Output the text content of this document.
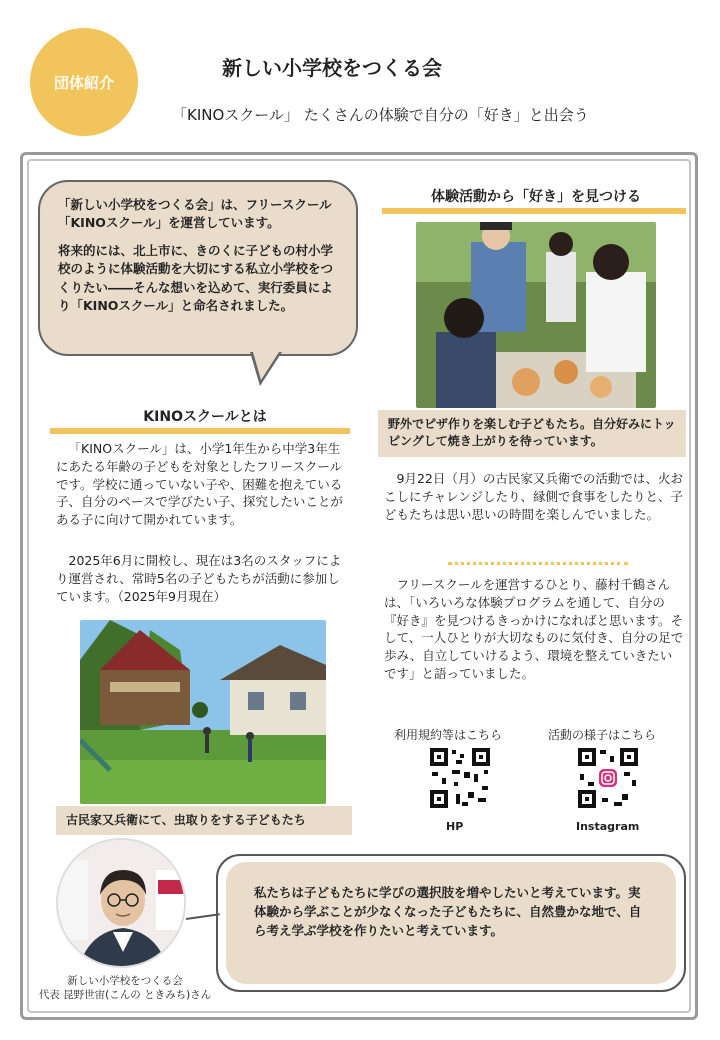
団体紹介
新しい小学校をつくる会
「KINOスクール」 たくさんの体験で自分の「好き」と出会う

「新しい小学校をつくる会」は、フリースクール「KINOスクール」を運営しています。

将来的には、北上市に、きのくに子どもの村小学校のように体験活動を大切にする私立小学校をつくりたい――そんな想いを込めて、実行委員により「KINOスクール」と命名されました。

KINOスクールとは
「KINOスクール」は、小学1年生から中学3年生にあたる年齢の子どもを対象としたフリースクールです。学校に通っていない子や、困難を抱えている子、自分のペースで学びたい子、探究したいことがある子に向けて開かれています。
2025年6月に開校し、現在は3名のスタッフにより運営され、常時5名の子どもたちが活動に参加しています。（2025年9月現在）
古民家又兵衛にて、虫取りをする子どもたち
体験活動から「好き」を見つける
野外でピザ作りを楽しむ子どもたち。自分好みにトッピングして焼き上がりを待っています。
9月22日（月）の古民家又兵衛での活動では、火おこしにチャレンジしたり、縁側で食事をしたりと、子どもたちは思い思いの時間を楽しんでいました。
フリースクールを運営するひとり、藤村千鶴さんは、「いろいろな体験プログラムを通して、自分の『好き』を見つけるきっかけになればと思います。そして、一人ひとりが大切なものに気付き、自分の足で歩み、自立していけるよう、環境を整えていきたいです」と語っていました。
利用規約等はこちら
HP
活動の様子はこちら
Instagram
新しい小学校をつくる会
代表 昆野世宙(こんの ときみち)さん
私たちは子どもたちに学びの選択肢を増やしたいと考えています。実体験から学ぶことが少なくなった子どもたちに、自然豊かな地で、自ら考え学ぶ学校を作りたいと考えています。
